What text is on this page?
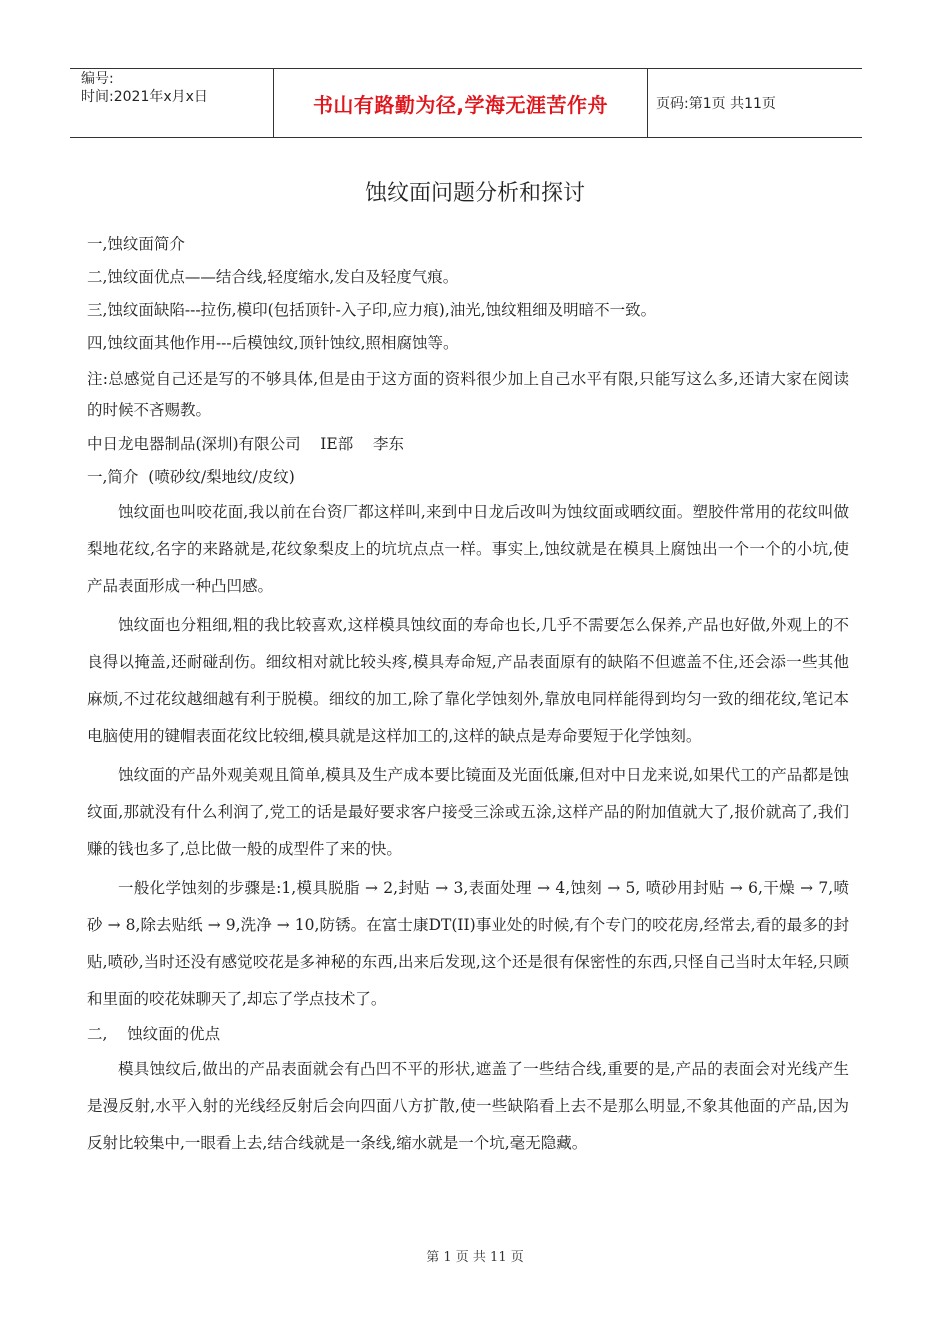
编号:
时间:2021年x月x日	书山有路勤为径,学海无涯苦作舟	页码:第1页 共11页
蚀纹面问题分析和探讨
一,蚀纹面简介
二,蚀纹面优点——结合线,轻度缩水,发白及轻度气痕。
三,蚀纹面缺陷---拉伤,模印(包括顶针-入子印,应力痕),油光,蚀纹粗细及明暗不一致。
四,蚀纹面其他作用---后模蚀纹,顶针蚀纹,照相腐蚀等。
注:总感觉自己还是写的不够具体,但是由于这方面的资料很少加上自己水平有限,只能写这么多,还请大家在阅读的时候不吝赐教。
中日龙电器制品(深圳)有限公司    IE部    李东
一,简介  (喷砂纹/梨地纹/皮纹)
蚀纹面也叫咬花面,我以前在台资厂都这样叫,来到中日龙后改叫为蚀纹面或晒纹面。塑胶件常用的花纹叫做梨地花纹,名字的来路就是,花纹象梨皮上的坑坑点点一样。事实上,蚀纹就是在模具上腐蚀出一个一个的小坑,使产品表面形成一种凸凹感。
蚀纹面也分粗细,粗的我比较喜欢,这样模具蚀纹面的寿命也长,几乎不需要怎么保养,产品也好做,外观上的不良得以掩盖,还耐碰刮伤。细纹相对就比较头疼,模具寿命短,产品表面原有的缺陷不但遮盖不住,还会添一些其他麻烦,不过花纹越细越有利于脱模。细纹的加工,除了靠化学蚀刻外,靠放电同样能得到均匀一致的细花纹,笔记本电脑使用的键帽表面花纹比较细,模具就是这样加工的,这样的缺点是寿命要短于化学蚀刻。
蚀纹面的产品外观美观且简单,模具及生产成本要比镜面及光面低廉,但对中日龙来说,如果代工的产品都是蚀纹面,那就没有什么利润了,党工的话是最好要求客户接受三涂或五涂,这样产品的附加值就大了,报价就高了,我们赚的钱也多了,总比做一般的成型件了来的快。
一般化学蚀刻的步骤是:1,模具脱脂 → 2,封贴 → 3,表面处理 → 4,蚀刻 → 5, 喷砂用封贴 → 6,干燥 → 7,喷砂 → 8,除去贴纸 → 9,洗净 → 10,防锈。在富士康DT(II)事业处的时候,有个专门的咬花房,经常去,看的最多的封贴,喷砂,当时还没有感觉咬花是多神秘的东西,出来后发现,这个还是很有保密性的东西,只怪自己当时太年轻,只顾和里面的咬花妹聊天了,却忘了学点技术了。
二,    蚀纹面的优点
模具蚀纹后,做出的产品表面就会有凸凹不平的形状,遮盖了一些结合线,重要的是,产品的表面会对光线产生是漫反射,水平入射的光线经反射后会向四面八方扩散,使一些缺陷看上去不是那么明显,不象其他面的产品,因为反射比较集中,一眼看上去,结合线就是一条线,缩水就是一个坑,毫无隐藏。
第 1 页 共 11 页
